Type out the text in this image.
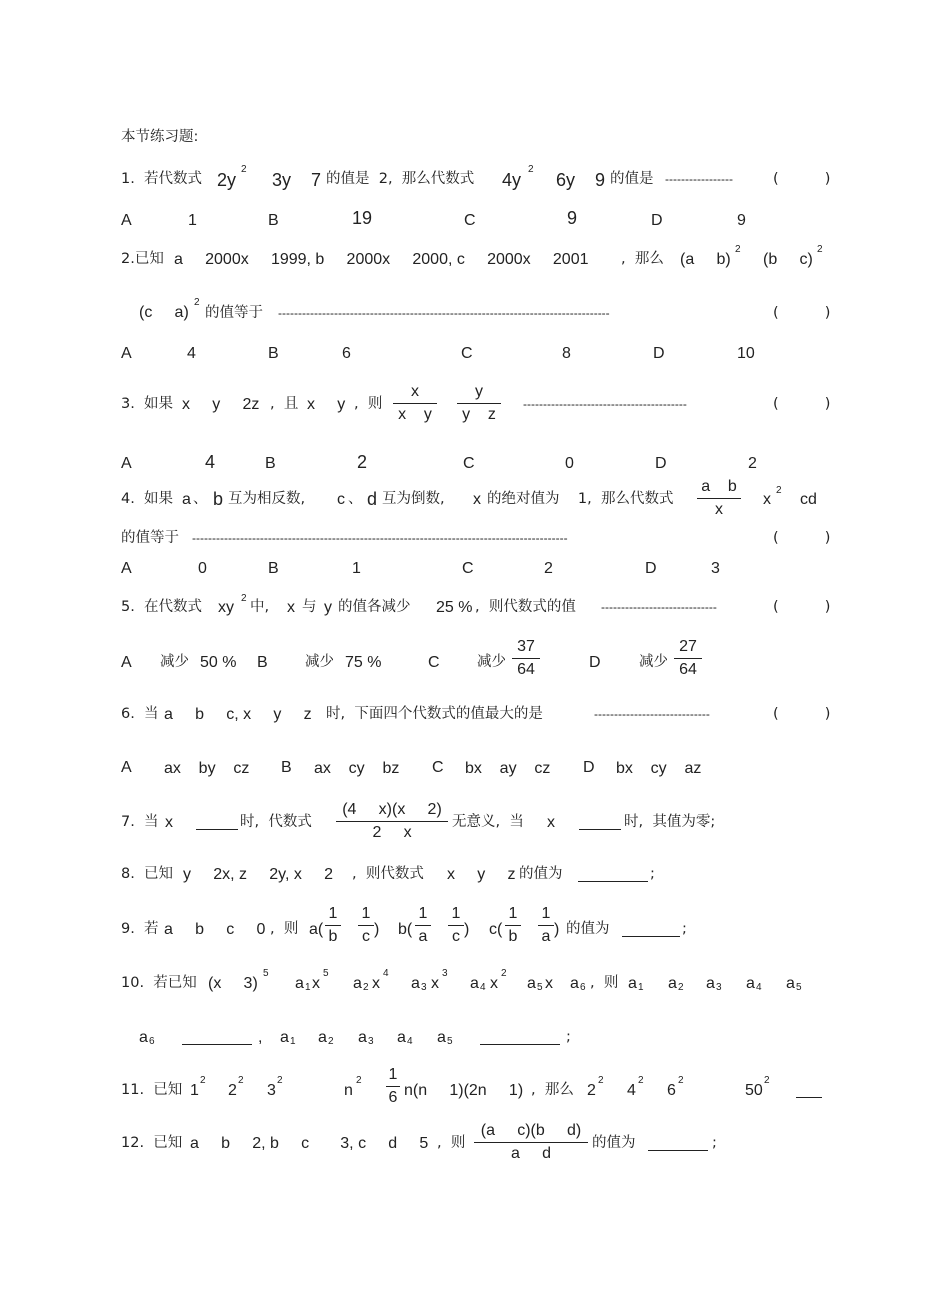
本节练习题:
1.  若代数式 2y
2
3y    7 的值是  2,  那么代数式 4y
2
6y    9 的值是 -----------------	(          )
A	1	B	19	C	9	D	9
2.已知 a     2000x     1999, b     2000x     2000, c     2000x     2001 ,  那么 (a     b)
2
(b     c)
2
(c     a)
2
的值等于 -----------------------------------------------------------------------------------	(          )
A	4	B	6	C	8	D	10
3.  如果 x     y     2z ,  且 x     y ,  则
x
x    y
y
y    z
-----------------------------------------	(          )
A	4	B	2	C	0	D	2
4.  如果 a 、 b 互为相反数, c 、 d 互为倒数, x 的绝对值为    1,  那么代数式
a    b
x
x
2
cd
的值等于 ----------------------------------------------------------------------------------------------	(          )
A	0	B	1	C	2	D	3
5.  在代数式 xy
2
中, x 与 y 的值各减少 25 % ,  则代数式的值 -----------------------------	(          )
A 减少 50 % B	减少 75 %	C	减少
37
64	D	减少
27
64
6.  当 a     b     c, x     y     z 时,  下面四个代数式的值最大的是	-----------------------------	(          )
A ax    by    cz B ax    cy    bz C bx    ay    cz D bx    cy    az
7.  当 x	时,  代数式
(4     x)(x     2)
2     x
无意义,  当 x	时,  其值为零;
8.  已知 y     2x, z     2y, x     2 ,  则代数式 x     y     z 的值为	;
9.  若 a     b     c     0 ,  则 a(
1
b
1
c ) b(
1
a
1
c ) c(
1
b
1
a ) 的值为	;
10.  若已知 (x     3)
5
a 1 x
5
a 2 x
4
a 3 x
3
a 4 x
2
a 5 x a 6 ,  则 a 1 a 2 a 3 a 4 a 5
a 6	, a 1 a 2 a 3 a 4 a 5	;
11.  已知 1
2
2
2
3
2
n
2 1
6 n(n     1)(2n     1) ,  那么 2
2
4
2
6
2
50
2
12.  已知 a     b     2, b     c       3, c     d     5 ,  则
(a     c)(b     d)
a     d
的值为	;
